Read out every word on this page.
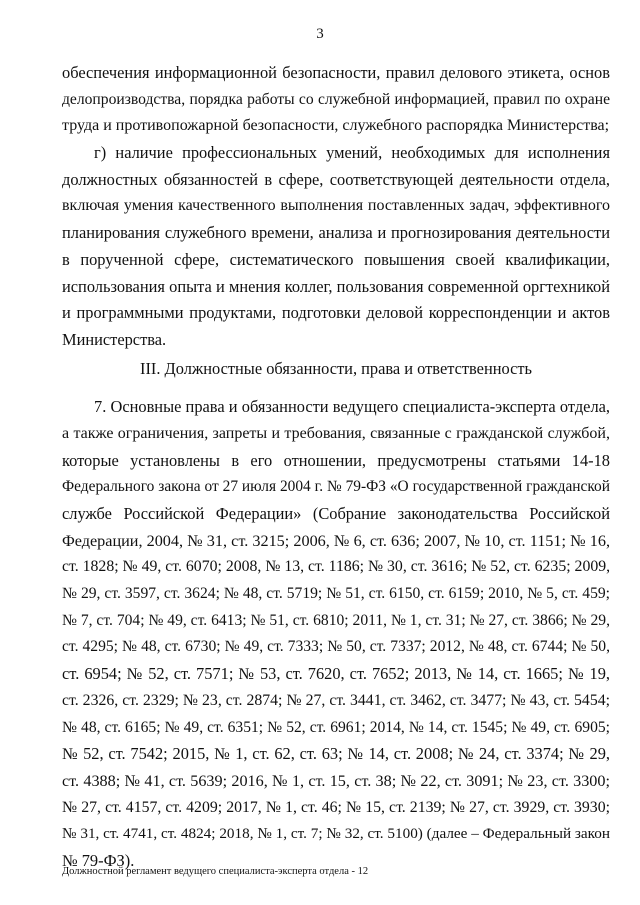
3
обеспечения информационной безопасности, правил делового этикета, основ
делопроизводства, порядка работы со служебной информацией, правил по охране
труда и противопожарной безопасности, служебного распорядка Министерства;
г) наличие профессиональных умений, необходимых для исполнения
должностных обязанностей в сфере, соответствующей деятельности отдела,
включая умения качественного выполнения поставленных задач, эффективного
планирования служебного времени, анализа и прогнозирования деятельности
в порученной сфере, систематического повышения своей квалификации,
использования опыта и мнения коллег, пользования современной оргтехникой
и программными продуктами, подготовки деловой корреспонденции и актов
Министерства.
III. Должностные обязанности, права и ответственность
7. Основные права и обязанности ведущего специалиста-эксперта отдела,
а также ограничения, запреты и требования, связанные с гражданской службой,
которые установлены в его отношении, предусмотрены статьями 14-18
Федерального закона от 27 июля 2004 г. № 79-ФЗ «О государственной гражданской
службе Российской Федерации» (Собрание законодательства Российской
Федерации, 2004, № 31, ст. 3215; 2006, № 6, ст. 636; 2007, № 10, ст. 1151; № 16,
ст. 1828; № 49, ст. 6070; 2008, № 13, ст. 1186; № 30, ст. 3616; № 52, ст. 6235; 2009,
№ 29, ст. 3597, ст. 3624; № 48, ст. 5719; № 51, ст. 6150, ст. 6159; 2010, № 5, ст. 459;
№ 7, ст. 704; № 49, ст. 6413; № 51, ст. 6810; 2011, № 1, ст. 31; № 27, ст. 3866; № 29,
ст. 4295; № 48, ст. 6730; № 49, ст. 7333; № 50, ст. 7337; 2012, № 48, ст. 6744; № 50,
ст. 6954; № 52, ст. 7571; № 53, ст. 7620, ст. 7652; 2013, № 14, ст. 1665; № 19,
ст. 2326, ст. 2329; № 23, ст. 2874; № 27, ст. 3441, ст. 3462, ст. 3477; № 43, ст. 5454;
№ 48, ст. 6165; № 49, ст. 6351; № 52, ст. 6961; 2014, № 14, ст. 1545; № 49, ст. 6905;
№ 52, ст. 7542; 2015, № 1, ст. 62, ст. 63; № 14, ст. 2008; № 24, ст. 3374; № 29,
ст. 4388; № 41, ст. 5639; 2016, № 1, ст. 15, ст. 38; № 22, ст. 3091; № 23, ст. 3300;
№ 27, ст. 4157, ст. 4209; 2017, № 1, ст. 46; № 15, ст. 2139; № 27, ст. 3929, ст. 3930;
№ 31, ст. 4741, ст. 4824; 2018, № 1, ст. 7; № 32, ст. 5100) (далее – Федеральный закон
№ 79-ФЗ).
Должностной регламент ведущего специалиста-эксперта отдела - 12
